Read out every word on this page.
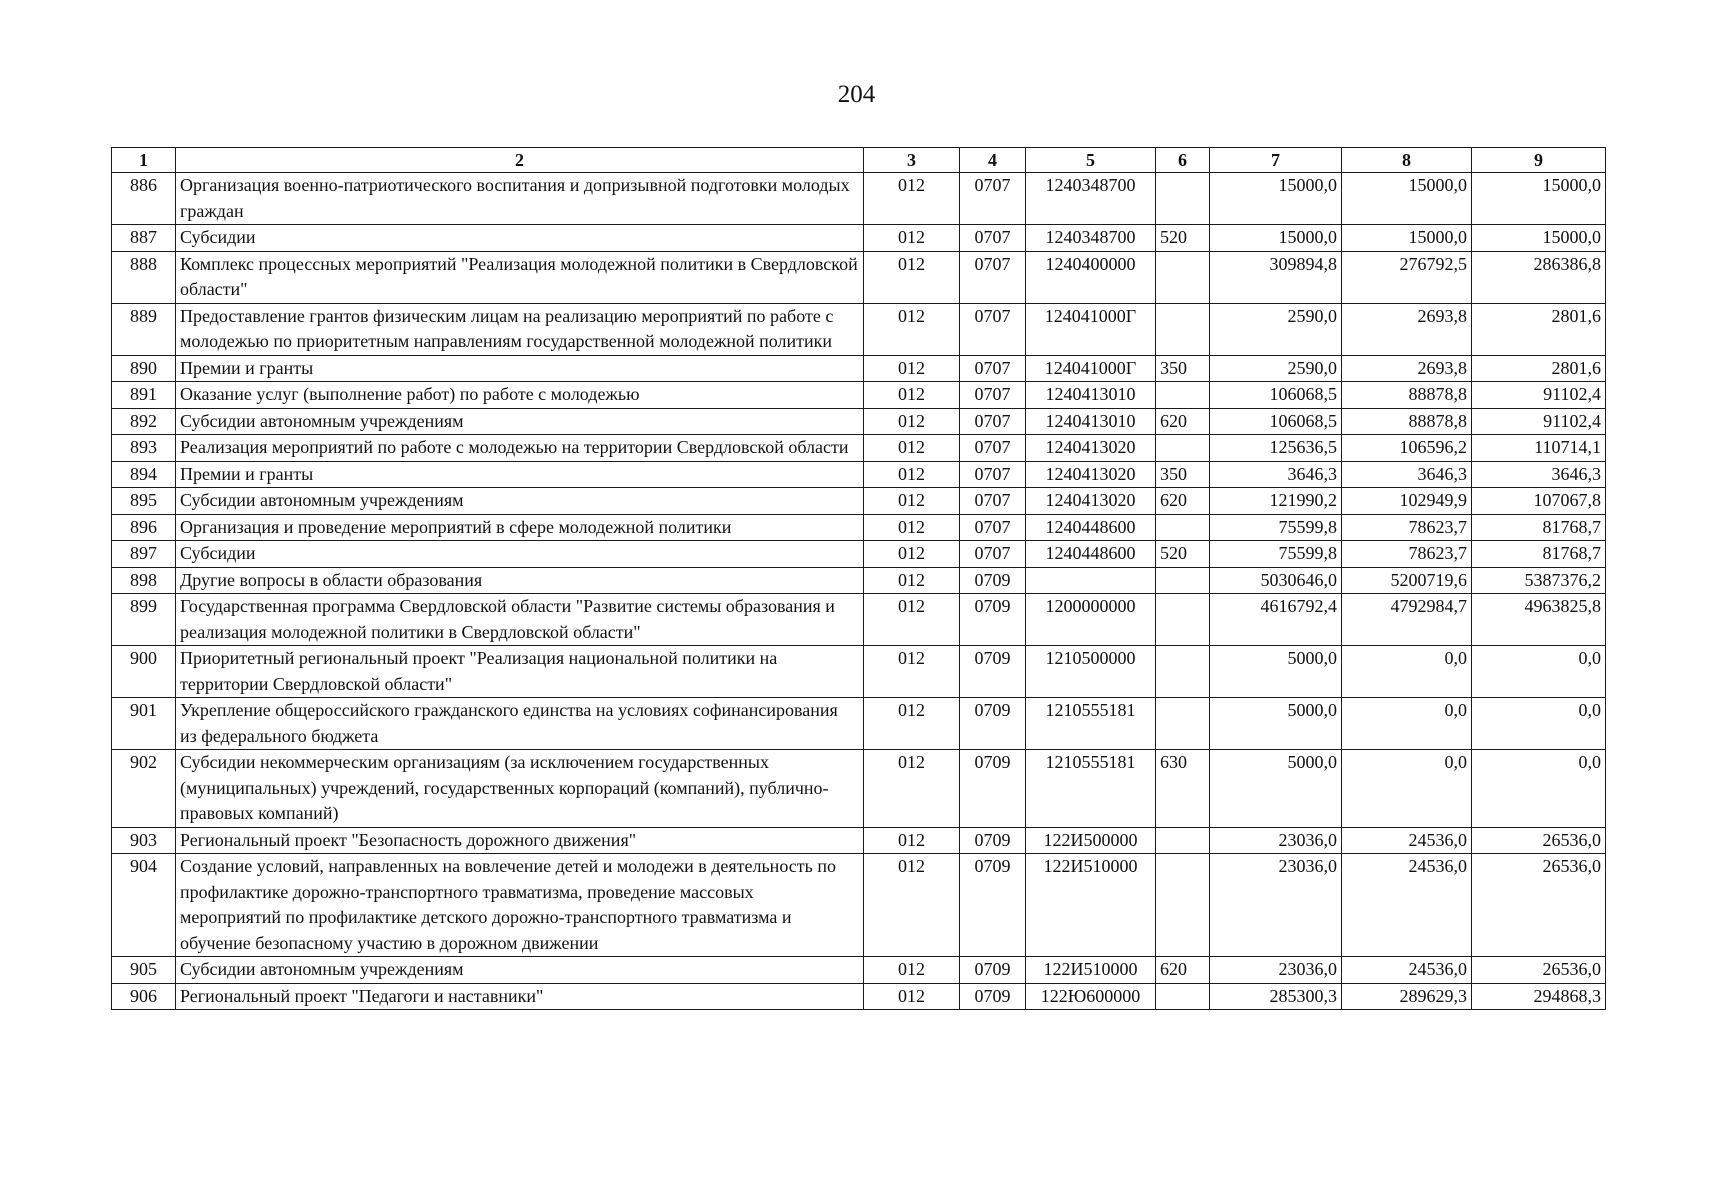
204
1	2	3	4	5	6	7	8	9
886	Организация военно-патриотического воспитания и допризывной подготовки молодых граждан	012	0707	1240348700		15000,0	15000,0	15000,0
887	Субсидии	012	0707	1240348700	520	15000,0	15000,0	15000,0
888	Комплекс процессных мероприятий "Реализация молодежной политики в Свердловской области"	012	0707	1240400000		309894,8	276792,5	286386,8
889	Предоставление грантов физическим лицам на реализацию мероприятий по работе с молодежью по приоритетным направлениям государственной молодежной политики	012	0707	124041000Г		2590,0	2693,8	2801,6
890	Премии и гранты	012	0707	124041000Г	350	2590,0	2693,8	2801,6
891	Оказание услуг (выполнение работ) по работе с молодежью	012	0707	1240413010		106068,5	88878,8	91102,4
892	Субсидии автономным учреждениям	012	0707	1240413010	620	106068,5	88878,8	91102,4
893	Реализация мероприятий по работе с молодежью на территории Свердловской области	012	0707	1240413020		125636,5	106596,2	110714,1
894	Премии и гранты	012	0707	1240413020	350	3646,3	3646,3	3646,3
895	Субсидии автономным учреждениям	012	0707	1240413020	620	121990,2	102949,9	107067,8
896	Организация и проведение мероприятий в сфере молодежной политики	012	0707	1240448600		75599,8	78623,7	81768,7
897	Субсидии	012	0707	1240448600	520	75599,8	78623,7	81768,7
898	Другие вопросы в области образования	012	0709			5030646,0	5200719,6	5387376,2
899	Государственная программа Свердловской области "Развитие системы образования и реализация молодежной политики в Свердловской области"	012	0709	1200000000		4616792,4	4792984,7	4963825,8
900	Приоритетный региональный проект "Реализация национальной политики на территории Свердловской области"	012	0709	1210500000		5000,0	0,0	0,0
901	Укрепление общероссийского гражданского единства на условиях софинансирования из федерального бюджета	012	0709	1210555181		5000,0	0,0	0,0
902	Субсидии некоммерческим организациям (за исключением государственных (муниципальных) учреждений, государственных корпораций (компаний), публично-правовых компаний)	012	0709	1210555181	630	5000,0	0,0	0,0
903	Региональный проект "Безопасность дорожного движения"	012	0709	122И500000		23036,0	24536,0	26536,0
904	Создание условий, направленных на вовлечение детей и молодежи в деятельность по профилактике дорожно-транспортного травматизма, проведение массовых мероприятий по профилактике детского дорожно-транспортного травматизма и обучение безопасному участию в дорожном движении	012	0709	122И510000		23036,0	24536,0	26536,0
905	Субсидии автономным учреждениям	012	0709	122И510000	620	23036,0	24536,0	26536,0
906	Региональный проект "Педагоги и наставники"	012	0709	122Ю600000		285300,3	289629,3	294868,3
